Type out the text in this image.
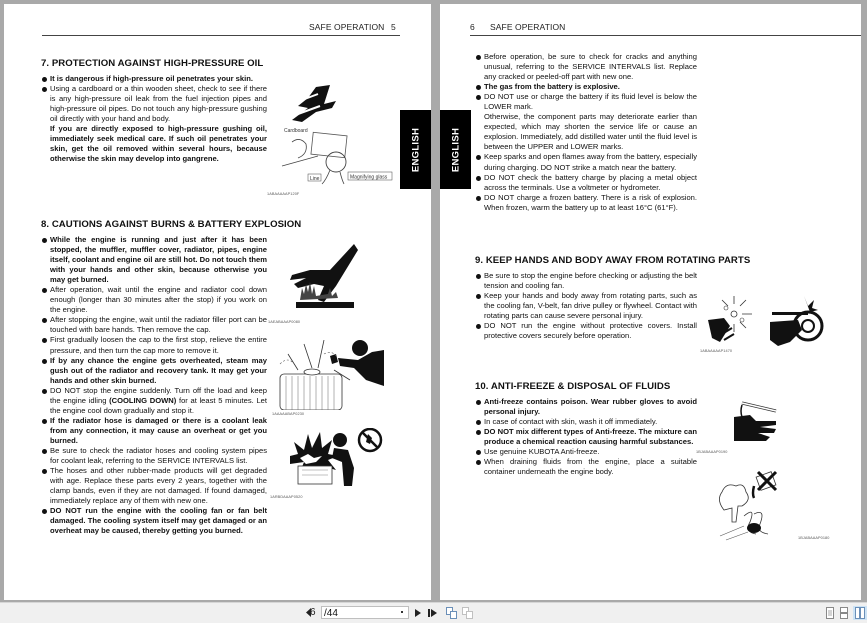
SAFE OPERATION 5
7. PROTECTION AGAINST HIGH-PRESSURE OIL
It is dangerous if high-pressure oil penetrates your skin.
Using a cardboard or a thin wooden sheet, check to see if there is any high-pressure oil leak from the fuel injection pipes and high-pressure oil pipes. Do not touch any high-pressure gushing oil directly with your hand and body.
If you are directly exposed to high-pressure gushing oil, immediately seek medical care. If such oil penetrates your skin, get the oil removed within several hours, because otherwise the skin may develop into gangrene.
Cardboard
Line	Magnifying glass
1ABAAAAAP120F
8. CAUTIONS AGAINST BURNS & BATTERY EXPLOSION
While the engine is running and just after it has been stopped, the muffler, muffler cover, radiator, pipes, engine itself, coolant and engine oil are still hot. Do not touch them with your hands and other skin, because otherwise you may get burned.
After operation, wait until the engine and radiator cool down enough (longer than 30 minutes after the stop) if you work on the engine.
After stopping the engine, wait until the radiator filler port can be touched with bare hands. Then remove the cap.
First gradually loosen the cap to the first stop, relieve the entire pressure, and then turn the cap more to remove it.
If by any chance the engine gets overheated, steam may gush out of the radiator and recovery tank. It may get your hands and other skin burned.
DO NOT stop the engine suddenly. Turn off the load and keep the engine idling (COOLING DOWN) for at least 5 minutes. Let the engine cool down gradually and stop it.
If the radiator hose is damaged or there is a coolant leak from any connection, it may cause an overheat or get you burned.
Be sure to check the radiator hoses and cooling system pipes for coolant leak, referring to the SERVICE INTERVALS list.
The hoses and other rubber-made products will get degraded with age. Replace these parts every 2 years, together with the clamp bands, even if they are not damaged. If found damaged, immediately replace any of them with new one.
DO NOT run the engine with the cooling fan or fan belt damaged. The cooling system itself may get damaged or an overheat may be caused, thereby getting you burned.
1AEABAAAP0080
1AAAAABAP0230
1ARBDAAAP0520
ENGLISH
6 SAFE OPERATION
Before operation, be sure to check for cracks and anything unusual, referring to the SERVICE INTERVALS list. Replace any cracked or peeled-off part with new one.
The gas from the battery is explosive.
DO NOT use or charge the battery if its fluid level is below the LOWER mark.
Otherwise, the component parts may deteriorate earlier than expected, which may shorten the service life or cause an explosion. Immediately, add distilled water until the fluid level is between the UPPER and LOWER marks.
Keep sparks and open flames away from the battery, especially during charging. DO NOT strike a match near the battery.
DO NOT check the battery charge by placing a metal object across the terminals. Use a voltmeter or hydrometer.
DO NOT charge a frozen battery. There is a risk of explosion. When frozen, warm the battery up to at least 16°C (61°F).
9. KEEP HANDS AND BODY AWAY FROM ROTATING PARTS
Be sure to stop the engine before checking or adjusting the belt tension and cooling fan.
Keep your hands and body away from rotating parts, such as the cooling fan, V-belt, fan drive pulley or flywheel. Contact with rotating parts can cause severe personal injury.
DO NOT run the engine without protective covers. Install protective covers securely before operation.
1ABAAAAAP1470
10. ANTI-FREEZE & DISPOSAL OF FLUIDS
Anti-freeze contains poison. Wear rubber gloves to avoid personal injury.
In case of contact with skin, wash it off immediately.
DO NOT mix different types of Anti-freeze. The mixture can produce a chemical reaction causing harmful substances.
Use genuine KUBOTA Anti-freeze.
When draining fluids from the engine, place a suitable container underneath the engine body.
1BJABAAAP0190
1BJABAAAP0180
ENGLISH
6 /44
